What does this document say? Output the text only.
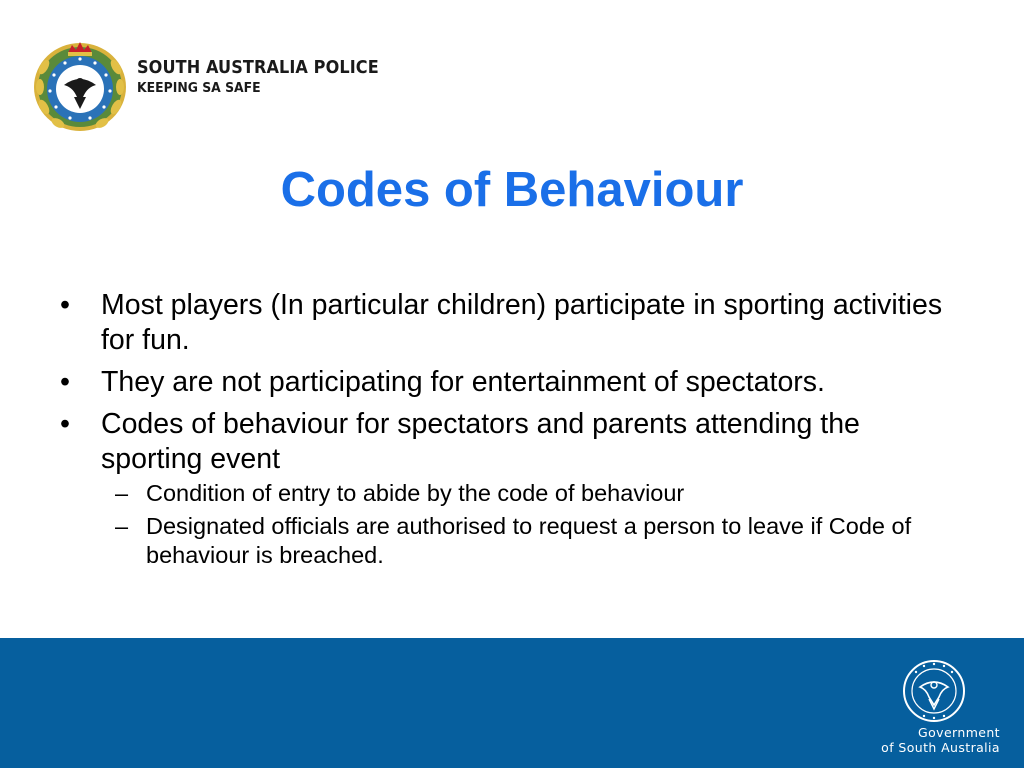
SOUTH AUSTRALIA POLICE
KEEPING SA SAFE
Codes of Behaviour
• Most players (In particular children) participate in sporting activities for fun.
• They are not participating for entertainment of spectators.
• Codes of behaviour for spectators and parents attending the sporting event
– Condition of entry to abide by the code of behaviour
– Designated officials are authorised to request a person to leave if Code of behaviour is breached.
Government
of South Australia
